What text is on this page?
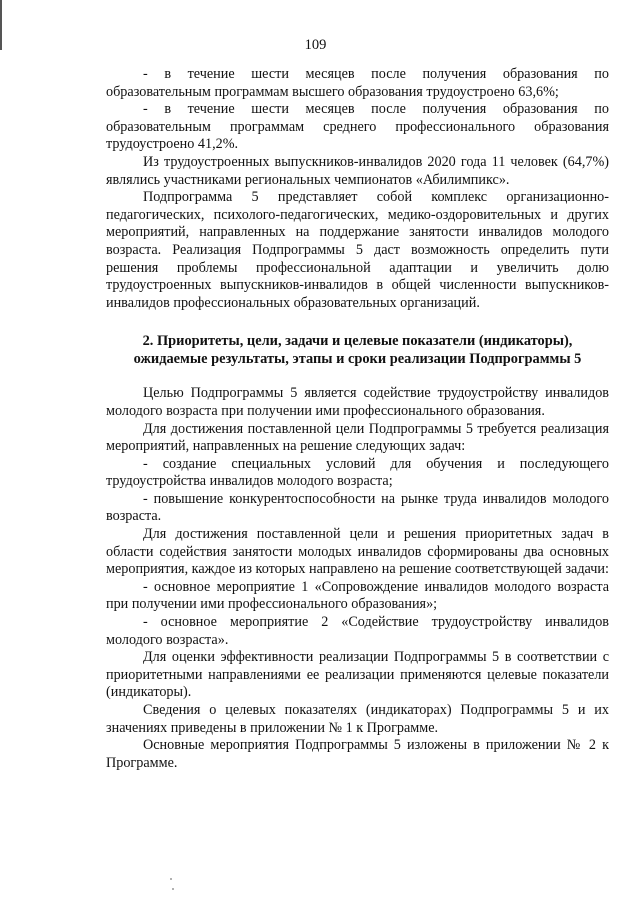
109

- в течение шести месяцев после получения образования по образовательным программам высшего образования трудоустроено 63,6%;

- в течение шести месяцев после получения образования по образовательным программам среднего профессионального образования трудоустроено 41,2%.

Из трудоустроенных выпускников-инвалидов 2020 года 11 человек (64,7%) являлись участниками региональных чемпионатов «Абилимпикс».

Подпрограмма 5 представляет собой комплекс организационно-педагогических, психолого-педагогических, медико-оздоровительных и других мероприятий, направленных на поддержание занятости инвалидов молодого возраста. Реализация Подпрограммы 5 даст возможность определить пути решения проблемы профессиональной адаптации и увеличить долю трудоустроенных выпускников-инвалидов в общей численности выпускников-инвалидов профессиональных образовательных организаций.

2. Приоритеты, цели, задачи и целевые показатели (индикаторы),
ожидаемые результаты, этапы и сроки реализации Подпрограммы 5

Целью Подпрограммы 5 является содействие трудоустройству инвалидов молодого возраста при получении ими профессионального образования.

Для достижения поставленной цели Подпрограммы 5 требуется реализация мероприятий, направленных на решение следующих задач:

- создание специальных условий для обучения и последующего трудоустройства инвалидов молодого возраста;

- повышение конкурентоспособности на рынке труда инвалидов молодого возраста.

Для достижения поставленной цели и решения приоритетных задач в области содействия занятости молодых инвалидов сформированы два основных мероприятия, каждое из которых направлено на решение соответствующей задачи:

- основное мероприятие 1 «Сопровождение инвалидов молодого возраста при получении ими профессионального образования»;

- основное мероприятие 2 «Содействие трудоустройству инвалидов молодого возраста».

Для оценки эффективности реализации Подпрограммы 5 в соответствии с приоритетными направлениями ее реализации применяются целевые показатели (индикаторы).

Сведения о целевых показателях (индикаторах) Подпрограммы 5 и их значениях приведены в приложении № 1 к Программе.

Основные мероприятия Подпрограммы 5 изложены в приложении № 2 к Программе.
